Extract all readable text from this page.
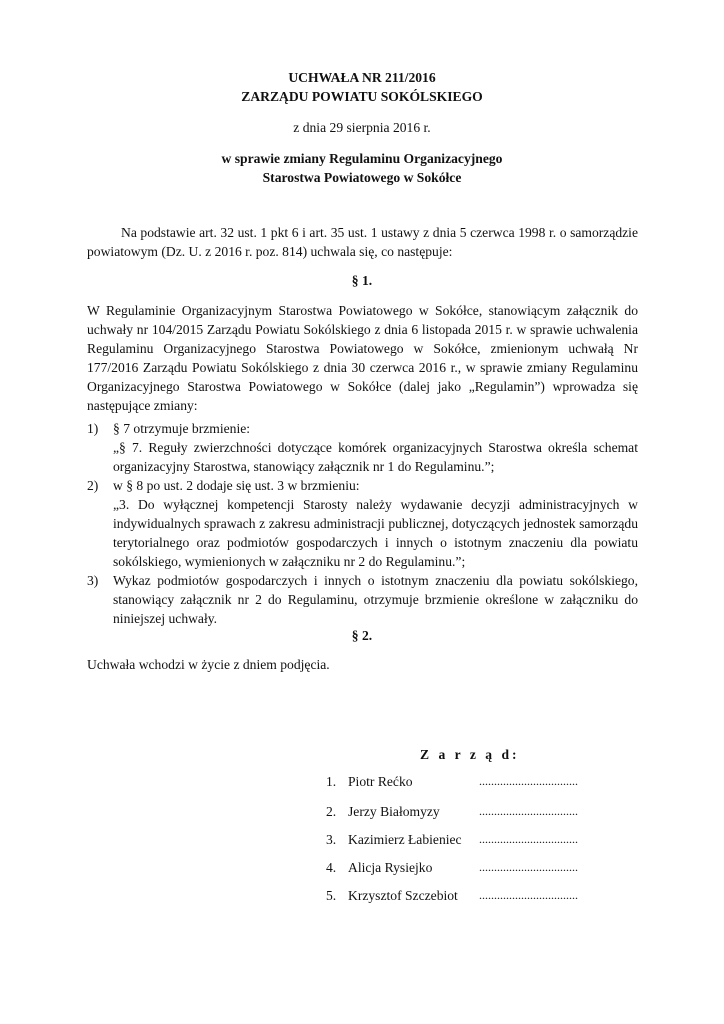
UCHWAŁA NR 211/2016
ZARZĄDU POWIATU SOKÓLSKIEGO
z dnia 29 sierpnia 2016 r.
w sprawie zmiany Regulaminu Organizacyjnego
Starostwa Powiatowego w Sokółce
Na podstawie art. 32 ust. 1 pkt 6 i art. 35 ust. 1 ustawy z dnia 5 czerwca 1998 r. o samorządzie powiatowym (Dz. U. z 2016 r. poz. 814) uchwala się, co następuje:
§ 1.
W Regulaminie Organizacyjnym Starostwa Powiatowego w Sokółce, stanowiącym załącznik do uchwały nr 104/2015 Zarządu Powiatu Sokólskiego z dnia 6 listopada 2015 r. w sprawie uchwalenia Regulaminu Organizacyjnego Starostwa Powiatowego w Sokółce, zmienionym uchwałą Nr 177/2016 Zarządu Powiatu Sokólskiego z dnia 30 czerwca 2016 r., w sprawie zmiany Regulaminu Organizacyjnego Starostwa Powiatowego w Sokółce (dalej jako „Regulamin”) wprowadza się następujące zmiany:
1) § 7 otrzymuje brzmienie:
„§ 7. Reguły zwierzchności dotyczące komórek organizacyjnych Starostwa określa schemat organizacyjny Starostwa, stanowiący załącznik nr 1 do Regulaminu.”;
2) w § 8 po ust. 2 dodaje się ust. 3 w brzmieniu:
„3. Do wyłącznej kompetencji Starosty należy wydawanie decyzji administracyjnych w indywidualnych sprawach z zakresu administracji publicznej, dotyczących jednostek samorządu terytorialnego oraz podmiotów gospodarczych i innych o istotnym znaczeniu dla powiatu sokólskiego, wymienionych w załączniku nr 2 do Regulaminu.”;
3) Wykaz podmiotów gospodarczych i innych o istotnym znaczeniu dla powiatu sokólskiego, stanowiący załącznik nr 2 do Regulaminu, otrzymuje brzmienie określone w załączniku do niniejszej uchwały.
§ 2.
Uchwała wchodzi w życie z dniem podjęcia.
Z a r z ą d:
1. Piotr Rećko	.................................
2. Jerzy Białomyzy	.................................
3. Kazimierz Łabieniec .................................
4. Alicja Rysiejko	.................................
5. Krzysztof Szczebiot .................................
